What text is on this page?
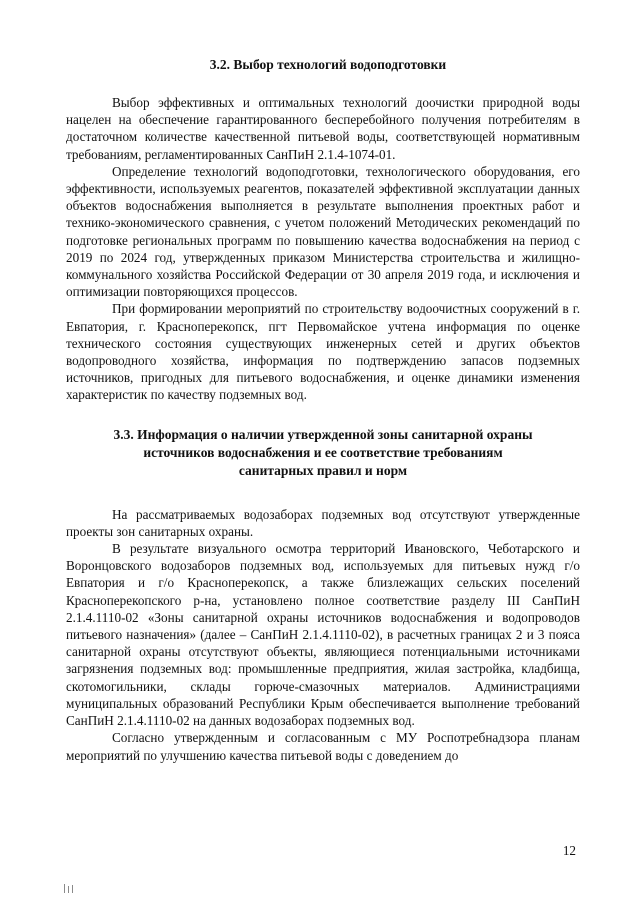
3.2. Выбор технологий водоподготовки

Выбор эффективных и оптимальных технологий доочистки природной воды нацелен на обеспечение гарантированного бесперебойного получения потребителям в достаточном количестве качественной питьевой воды, соответствующей нормативным требованиям, регламентированных СанПиН 2.1.4-1074-01.

Определение технологий водоподготовки, технологического оборудования, его эффективности, используемых реагентов, показателей эффективной эксплуатации данных объектов водоснабжения выполняется в результате выполнения проектных работ и технико-экономического сравнения, с учетом положений Методических рекомендаций по подготовке региональных программ по повышению качества водоснабжения на период с 2019 по 2024 год, утвержденных приказом Министерства строительства и жилищно-коммунального хозяйства Российской Федерации от 30 апреля 2019 года, и исключения и оптимизации повторяющихся процессов.

При формировании мероприятий по строительству водоочистных сооружений в г. Евпатория, г. Красноперекопск, пгт Первомайское учтена информация по оценке технического состояния существующих инженерных сетей и других объектов водопроводного хозяйства, информация по подтверждению запасов подземных источников, пригодных для питьевого водоснабжения, и оценке динамики изменения характеристик по качеству подземных вод.

3.3. Информация о наличии утвержденной зоны санитарной охраны
источников водоснабжения и ее соответствие требованиям
санитарных правил и норм

На рассматриваемых водозаборах подземных вод отсутствуют утвержденные проекты зон санитарных охраны.

В результате визуального осмотра территорий Ивановского, Чеботарского и Воронцовского водозаборов подземных вод, используемых для питьевых нужд г/о Евпатория и г/о Красноперекопск, а также близлежащих сельских поселений Красноперекопского р-на, установлено полное соответствие разделу III СанПиН 2.1.4.1110-02 «Зоны санитарной охраны источников водоснабжения и водопроводов питьевого назначения» (далее – СанПиН 2.1.4.1110-02), в расчетных границах 2 и 3 пояса санитарной охраны отсутствуют объекты, являющиеся потенциальными источниками загрязнения подземных вод: промышленные предприятия, жилая застройка, кладбища, скотомогильники, склады горюче-смазочных материалов. Администрациями муниципальных образований Республики Крым обеспечивается выполнение требований СанПиН 2.1.4.1110-02 на данных водозаборах подземных вод.

Согласно утвержденным и согласованным с МУ Роспотребнадзора планам мероприятий по улучшению качества питьевой воды с доведением до

12
